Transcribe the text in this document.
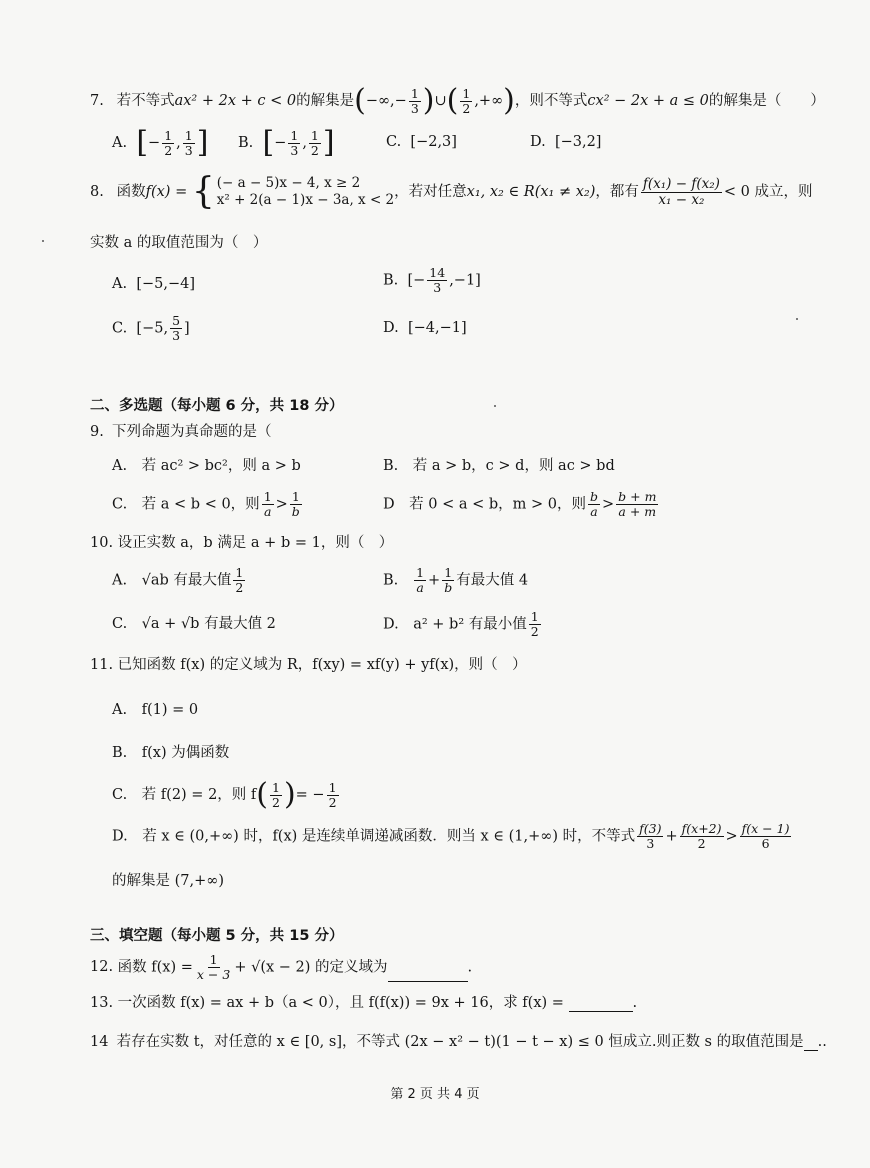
7. 若不等式ax² + 2x + c < 0的解集是(−∞,− $\frac{1}{3}$ )∪( $\frac{1}{2}$ ,+∞)，则不等式cx² − 2x + a ≤ 0的解集是（　　）
A. [− $\frac{1}{2}$ , $\frac{1}{3}$ ] B. [− $\frac{1}{3}$ , $\frac{1}{2}$ ]	C. [−2,3]	D. [−3,2]
8. 函数f(x) = { (− a − 5)x − 4, x ≥ 2
x² + 2(a − 1)x − 3a, x < 2 ，若对任意x₁, x₂ ∈ R(x₁ ≠ x₂)，都有 $\frac{\text{f(x₁) − f(x₂)}}{\text{x₁ − x₂}} < 0$ 成立，则
实数 a 的取值范围为（　）
A. [−5,−4]	B. [− $\frac{14}{3} ,-1$]
C. [−5, $\frac{5}{3}$ ]	D. [−4,−1]
二、多选题（每小题 6 分，共 18 分）
9. 下列命题为真命题的是（
A.　若 ac² > bc²，则 a > b	B.　若 a > b，c > d，则 ac > bd
C.　若 a < b < 0，则 $\frac{1}{a} > \frac{1}{b}$	D　若 0 < a < b，m > 0，则 $\frac{b}{a} > \frac{b + m}{a + m}$
10. 设正实数 a，b 满足 a + b = 1，则（　）
A.　√ab 有最大值 $\frac{1}{2}$	B. $\frac{1}{a} + \frac{1}{b}$ 有最大值 4
C.　√a + √b 有最大值 2	D.　a² + b² 有最小值 $\frac{1}{2}$
11. 已知函数 f(x) 的定义域为 R，f(xy) = xf(y) + yf(x)，则（　）
A.　f(1) = 0
B.　f(x) 为偶函数
C.　若 f(2) = 2，则 $f( \frac{1}{2}$ )= − $\frac{1}{2}$
D.　若 x ∈ (0,+∞) 时，f(x) 是连续单调递减函数．则当 x ∈ (1,+∞) 时，不等式 $\frac{f(3)}{3} + \frac{f(x+2)}{2} > \frac{f(x - 1)}{6}$
的解集是 (7,+∞)
三、填空题（每小题 5 分，共 15 分）
12. 函数 $f(x) = \frac{1}{x - 3} + √(x - 2)$ 的定义域为	.
13. 一次函数 f(x) = ax + b（a < 0），且 f(f(x)) = 9x + 16，求 f(x) =	.
14 若存在实数 t，对任意的 x ∈ [0, s]，不等式 (2x − x² − t)(1 − t − x) ≤ 0 恒成立.则正数 s 的取值范围是 ..
第 2 页 共 4 页
